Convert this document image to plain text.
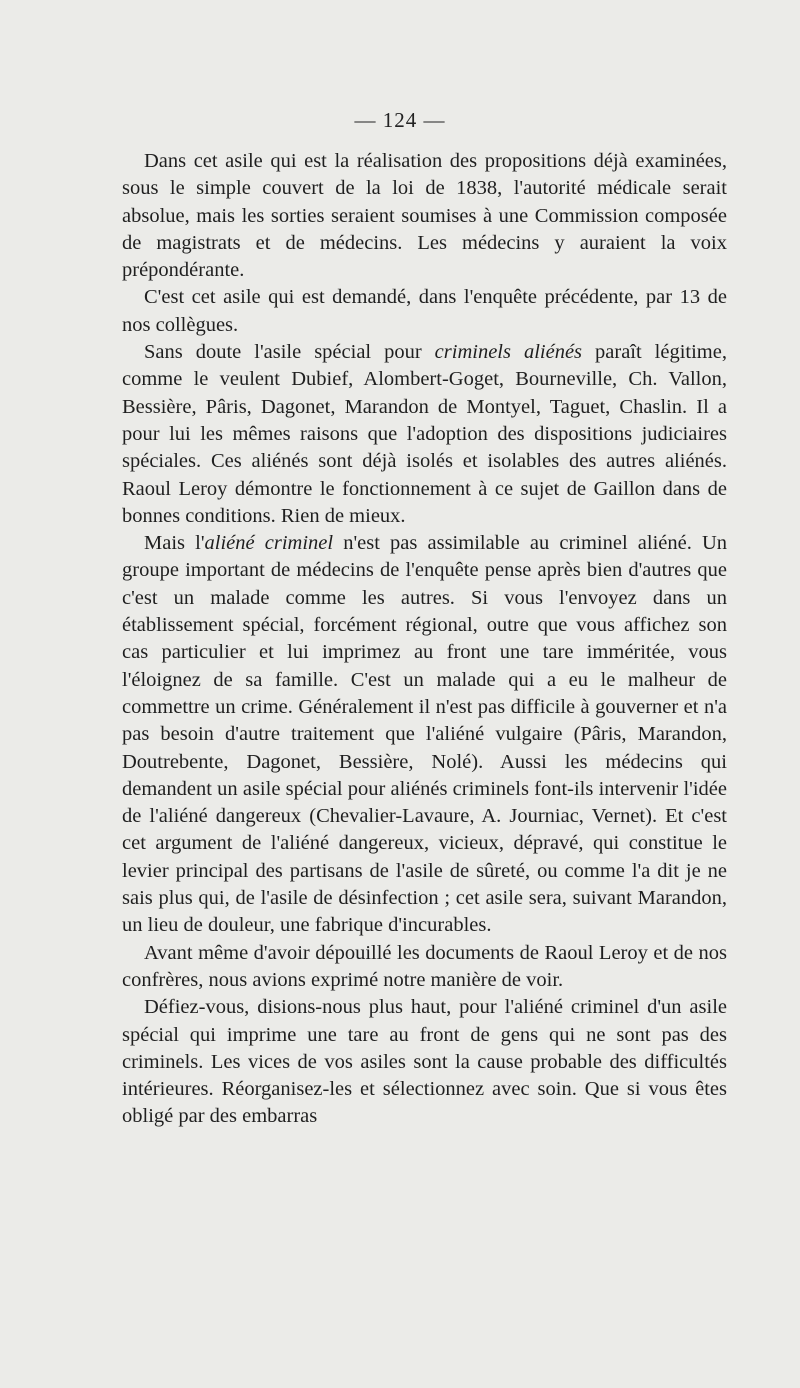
— 124 —

Dans cet asile qui est la réalisation des propositions déjà examinées, sous le simple couvert de la loi de 1838, l'autorité médicale serait absolue, mais les sorties seraient soumises à une Commission composée de magistrats et de médecins. Les médecins y auraient la voix prépondérante.

C'est cet asile qui est demandé, dans l'enquête précédente, par 13 de nos collègues.

Sans doute l'asile spécial pour criminels aliénés paraît légitime, comme le veulent Dubief, Alombert-Goget, Bourneville, Ch. Vallon, Bessière, Pâris, Dagonet, Marandon de Montyel, Taguet, Chaslin. Il a pour lui les mêmes raisons que l'adoption des dispositions judiciaires spéciales. Ces aliénés sont déjà isolés et isolables des autres aliénés. Raoul Leroy démontre le fonctionnement à ce sujet de Gaillon dans de bonnes conditions. Rien de mieux.

Mais l'aliéné criminel n'est pas assimilable au criminel aliéné. Un groupe important de médecins de l'enquête pense après bien d'autres que c'est un malade comme les autres. Si vous l'envoyez dans un établissement spécial, forcément régional, outre que vous affichez son cas particulier et lui imprimez au front une tare imméritée, vous l'éloignez de sa famille. C'est un malade qui a eu le malheur de commettre un crime. Généralement il n'est pas difficile à gouverner et n'a pas besoin d'autre traitement que l'aliéné vulgaire (Pâris, Marandon, Doutrebente, Dagonet, Bessière, Nolé). Aussi les médecins qui demandent un asile spécial pour aliénés criminels font-ils intervenir l'idée de l'aliéné dangereux (Chevalier-Lavaure, A. Journiac, Vernet). Et c'est cet argument de l'aliéné dangereux, vicieux, dépravé, qui constitue le levier principal des partisans de l'asile de sûreté, ou comme l'a dit je ne sais plus qui, de l'asile de désinfection ; cet asile sera, suivant Marandon, un lieu de douleur, une fabrique d'incurables.

Avant même d'avoir dépouillé les documents de Raoul Leroy et de nos confrères, nous avions exprimé notre manière de voir.

Défiez-vous, disions-nous plus haut, pour l'aliéné criminel d'un asile spécial qui imprime une tare au front de gens qui ne sont pas des criminels. Les vices de vos asiles sont la cause probable des difficultés intérieures. Réorganisez-les et sélectionnez avec soin. Que si vous êtes obligé par des embarras
